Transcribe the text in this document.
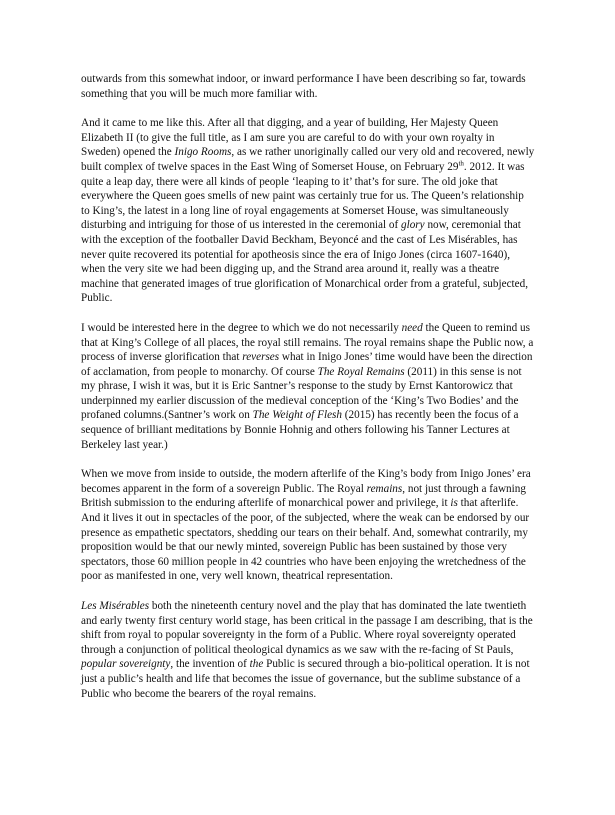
outwards from this somewhat indoor, or inward performance I have been describing so far, towards something that you will be much more familiar with.

And it came to me like this. After all that digging, and a year of building, Her Majesty Queen Elizabeth II (to give the full title, as I am sure you are careful to do with your own royalty in Sweden) opened the Inigo Rooms, as we rather unoriginally called our very old and recovered, newly built complex of twelve spaces in the East Wing of Somerset House, on February 29th. 2012. It was quite a leap day, there were all kinds of people ‘leaping to it’ that’s for sure. The old joke that everywhere the Queen goes smells of new paint was certainly true for us. The Queen’s relationship to King’s, the latest in a long line of royal engagements at Somerset House, was simultaneously disturbing and intriguing for those of us interested in the ceremonial of glory now, ceremonial that with the exception of the footballer David Beckham, Beyoncé and the cast of Les Misérables, has never quite recovered its potential for apotheosis since the era of Inigo Jones (circa 1607-1640), when the very site we had been digging up, and the Strand area around it, really was a theatre machine that generated images of true glorification of Monarchical order from a grateful, subjected, Public.

I would be interested here in the degree to which we do not necessarily need the Queen to remind us that at King’s College of all places, the royal still remains. The royal remains shape the Public now, a process of inverse glorification that reverses what in Inigo Jones’ time would have been the direction of acclamation, from people to monarchy. Of course The Royal Remains (2011) in this sense is not my phrase, I wish it was, but it is Eric Santner’s response to the study by Ernst Kantorowicz that underpinned my earlier discussion of the medieval conception of the ‘King’s Two Bodies’ and the profaned columns.(Santner’s work on The Weight of Flesh (2015) has recently been the focus of a sequence of brilliant meditations by Bonnie Hohnig and others following his Tanner Lectures at Berkeley last year.)

When we move from inside to outside, the modern afterlife of the King’s body from Inigo Jones’ era becomes apparent in the form of a sovereign Public. The Royal remains, not just through a fawning British submission to the enduring afterlife of monarchical power and privilege, it is that afterlife. And it lives it out in spectacles of the poor, of the subjected, where the weak can be endorsed by our presence as empathetic spectators, shedding our tears on their behalf. And, somewhat contrarily, my proposition would be that our newly minted, sovereign Public has been sustained by those very spectators, those 60 million people in 42 countries who have been enjoying the wretchedness of the poor as manifested in one, very well known, theatrical representation.

Les Misérables both the nineteenth century novel and the play that has dominated the late twentieth and early twenty first century world stage, has been critical in the passage I am describing, that is the shift from royal to popular sovereignty in the form of a Public. Where royal sovereignty operated through a conjunction of political theological dynamics as we saw with the re-facing of St Pauls, popular sovereignty, the invention of the Public is secured through a bio-political operation. It is not just a public’s health and life that becomes the issue of governance, but the sublime substance of a Public who become the bearers of the royal remains.
